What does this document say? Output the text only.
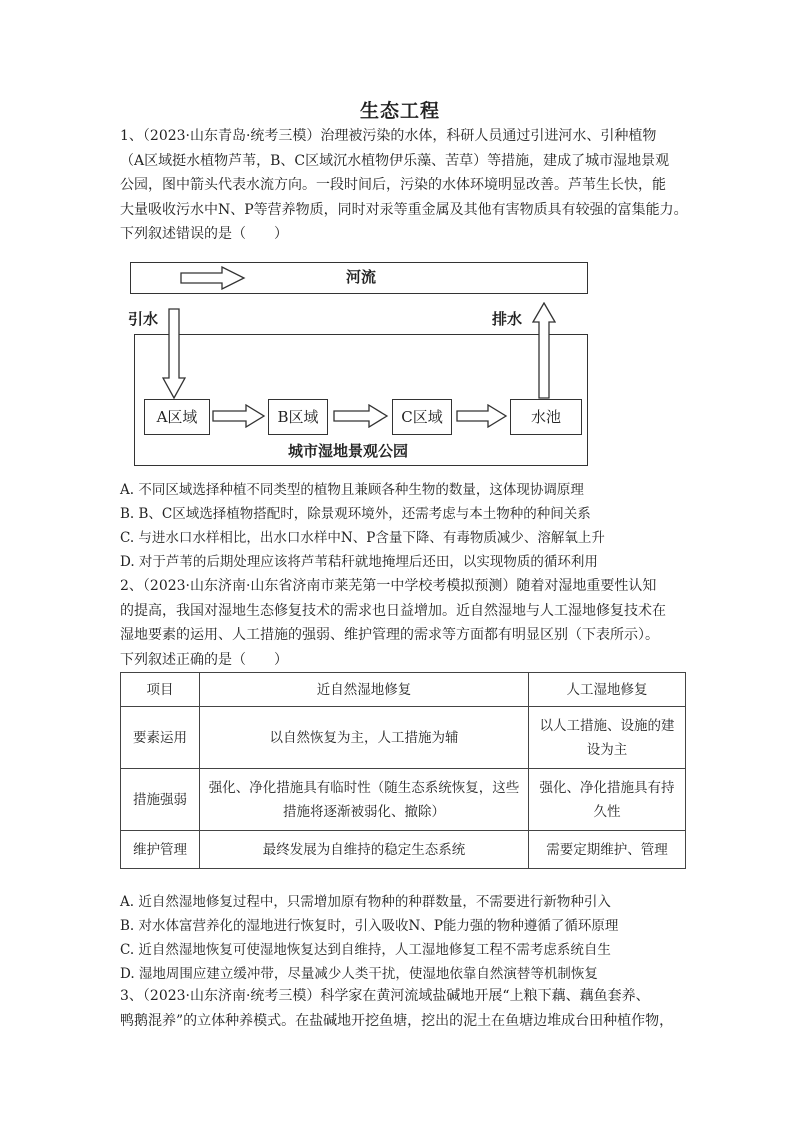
生态工程
1、（2023·山东青岛·统考三模）治理被污染的水体，科研人员通过引进河水、引种植物
（A区域挺水植物芦苇，B、C区域沉水植物伊乐藻、苦草）等措施，建成了城市湿地景观
公园，图中箭头代表水流方向。一段时间后，污染的水体环境明显改善。芦苇生长快，能
大量吸收污水中N、P等营养物质，同时对汞等重金属及其他有害物质具有较强的富集能力。
下列叙述错误的是（　　）
河流
引水	排水
A区域	B区域	C区域	水池
城市湿地景观公园
A. 不同区域选择种植不同类型的植物且兼顾各种生物的数量，这体现协调原理
B. B、C区域选择植物搭配时，除景观环境外，还需考虑与本土物种的种间关系
C. 与进水口水样相比，出水口水样中N、P含量下降、有毒物质减少、溶解氧上升
D. 对于芦苇的后期处理应该将芦苇秸秆就地掩埋后还田，以实现物质的循环利用
2、（2023·山东济南·山东省济南市莱芜第一中学校考模拟预测）随着对湿地重要性认知
的提高，我国对湿地生态修复技术的需求也日益增加。近自然湿地与人工湿地修复技术在
湿地要素的运用、人工措施的强弱、维护管理的需求等方面都有明显区别（下表所示）。
下列叙述正确的是（　　）
项目	近自然湿地修复	人工湿地修复
要素运用	以自然恢复为主，人工措施为辅	以人工措施、设施的建设为主
措施强弱	强化、净化措施具有临时性（随生态系统恢复，这些措施将逐渐被弱化、撤除）	强化、净化措施具有持久性
维护管理	最终发展为自维持的稳定生态系统	需要定期维护、管理
A. 近自然湿地修复过程中，只需增加原有物种的种群数量，不需要进行新物种引入
B. 对水体富营养化的湿地进行恢复时，引入吸收N、P能力强的物种遵循了循环原理
C. 近自然湿地恢复可使湿地恢复达到自维持，人工湿地修复工程不需考虑系统自生
D. 湿地周围应建立缓冲带，尽量减少人类干扰，使湿地依靠自然演替等机制恢复
3、（2023·山东济南·统考三模）科学家在黄河流域盐碱地开展“上粮下藕、藕鱼套养、
鸭鹅混养”的立体种养模式。在盐碱地开挖鱼塘，挖出的泥土在鱼塘边堆成台田种植作物，
